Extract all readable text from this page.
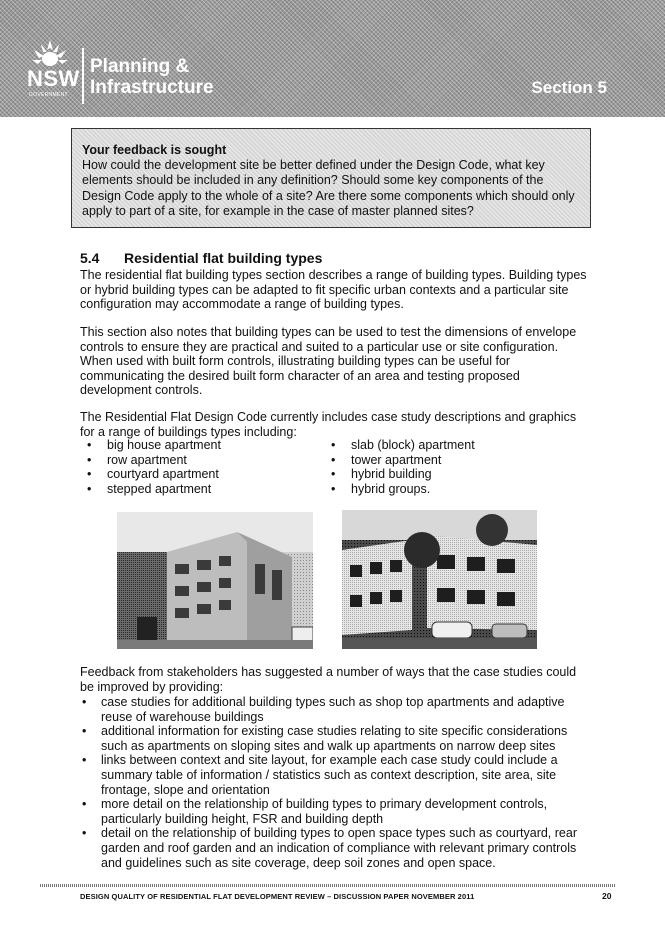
NSW
GOVERNMENT
Planning &
Infrastructure	Section 5
Your feedback is sought
How could the development site be better defined under the Design Code, what key elements should be included in any definition? Should some key components of the Design Code apply to the whole of a site? Are there some components which should only apply to part of a site, for example in the case of master planned sites?
5.4 Residential flat building types
The residential flat building types section describes a range of building types. Building types or hybrid building types can be adapted to fit specific urban contexts and a particular site configuration may accommodate a range of building types.
This section also notes that building types can be used to test the dimensions of envelope controls to ensure they are practical and suited to a particular use or site configuration. When used with built form controls, illustrating building types can be useful for communicating the desired built form character of an area and testing proposed development controls.
The Residential Flat Design Code currently includes case study descriptions and graphics for a range of buildings types including:
• big house apartment
• row apartment
• courtyard apartment
• stepped apartment
• slab (block) apartment
• tower apartment
• hybrid building
• hybrid groups.
Feedback from stakeholders has suggested a number of ways that the case studies could be improved by providing:
• case studies for additional building types such as shop top apartments and adaptive reuse of warehouse buildings
• additional information for existing case studies relating to site specific considerations such as apartments on sloping sites and walk up apartments on narrow deep sites
• links between context and site layout, for example each case study could include a summary table of information / statistics such as context description, site area, site frontage, slope and orientation
• more detail on the relationship of building types to primary development controls, particularly building height, FSR and building depth
• detail on the relationship of building types to open space types such as courtyard, rear garden and roof garden and an indication of compliance with relevant primary controls and guidelines such as site coverage, deep soil zones and open space.
DESIGN QUALITY OF RESIDENTIAL FLAT DEVELOPMENT REVIEW – DISCUSSION PAPER NOVEMBER 2011	20
